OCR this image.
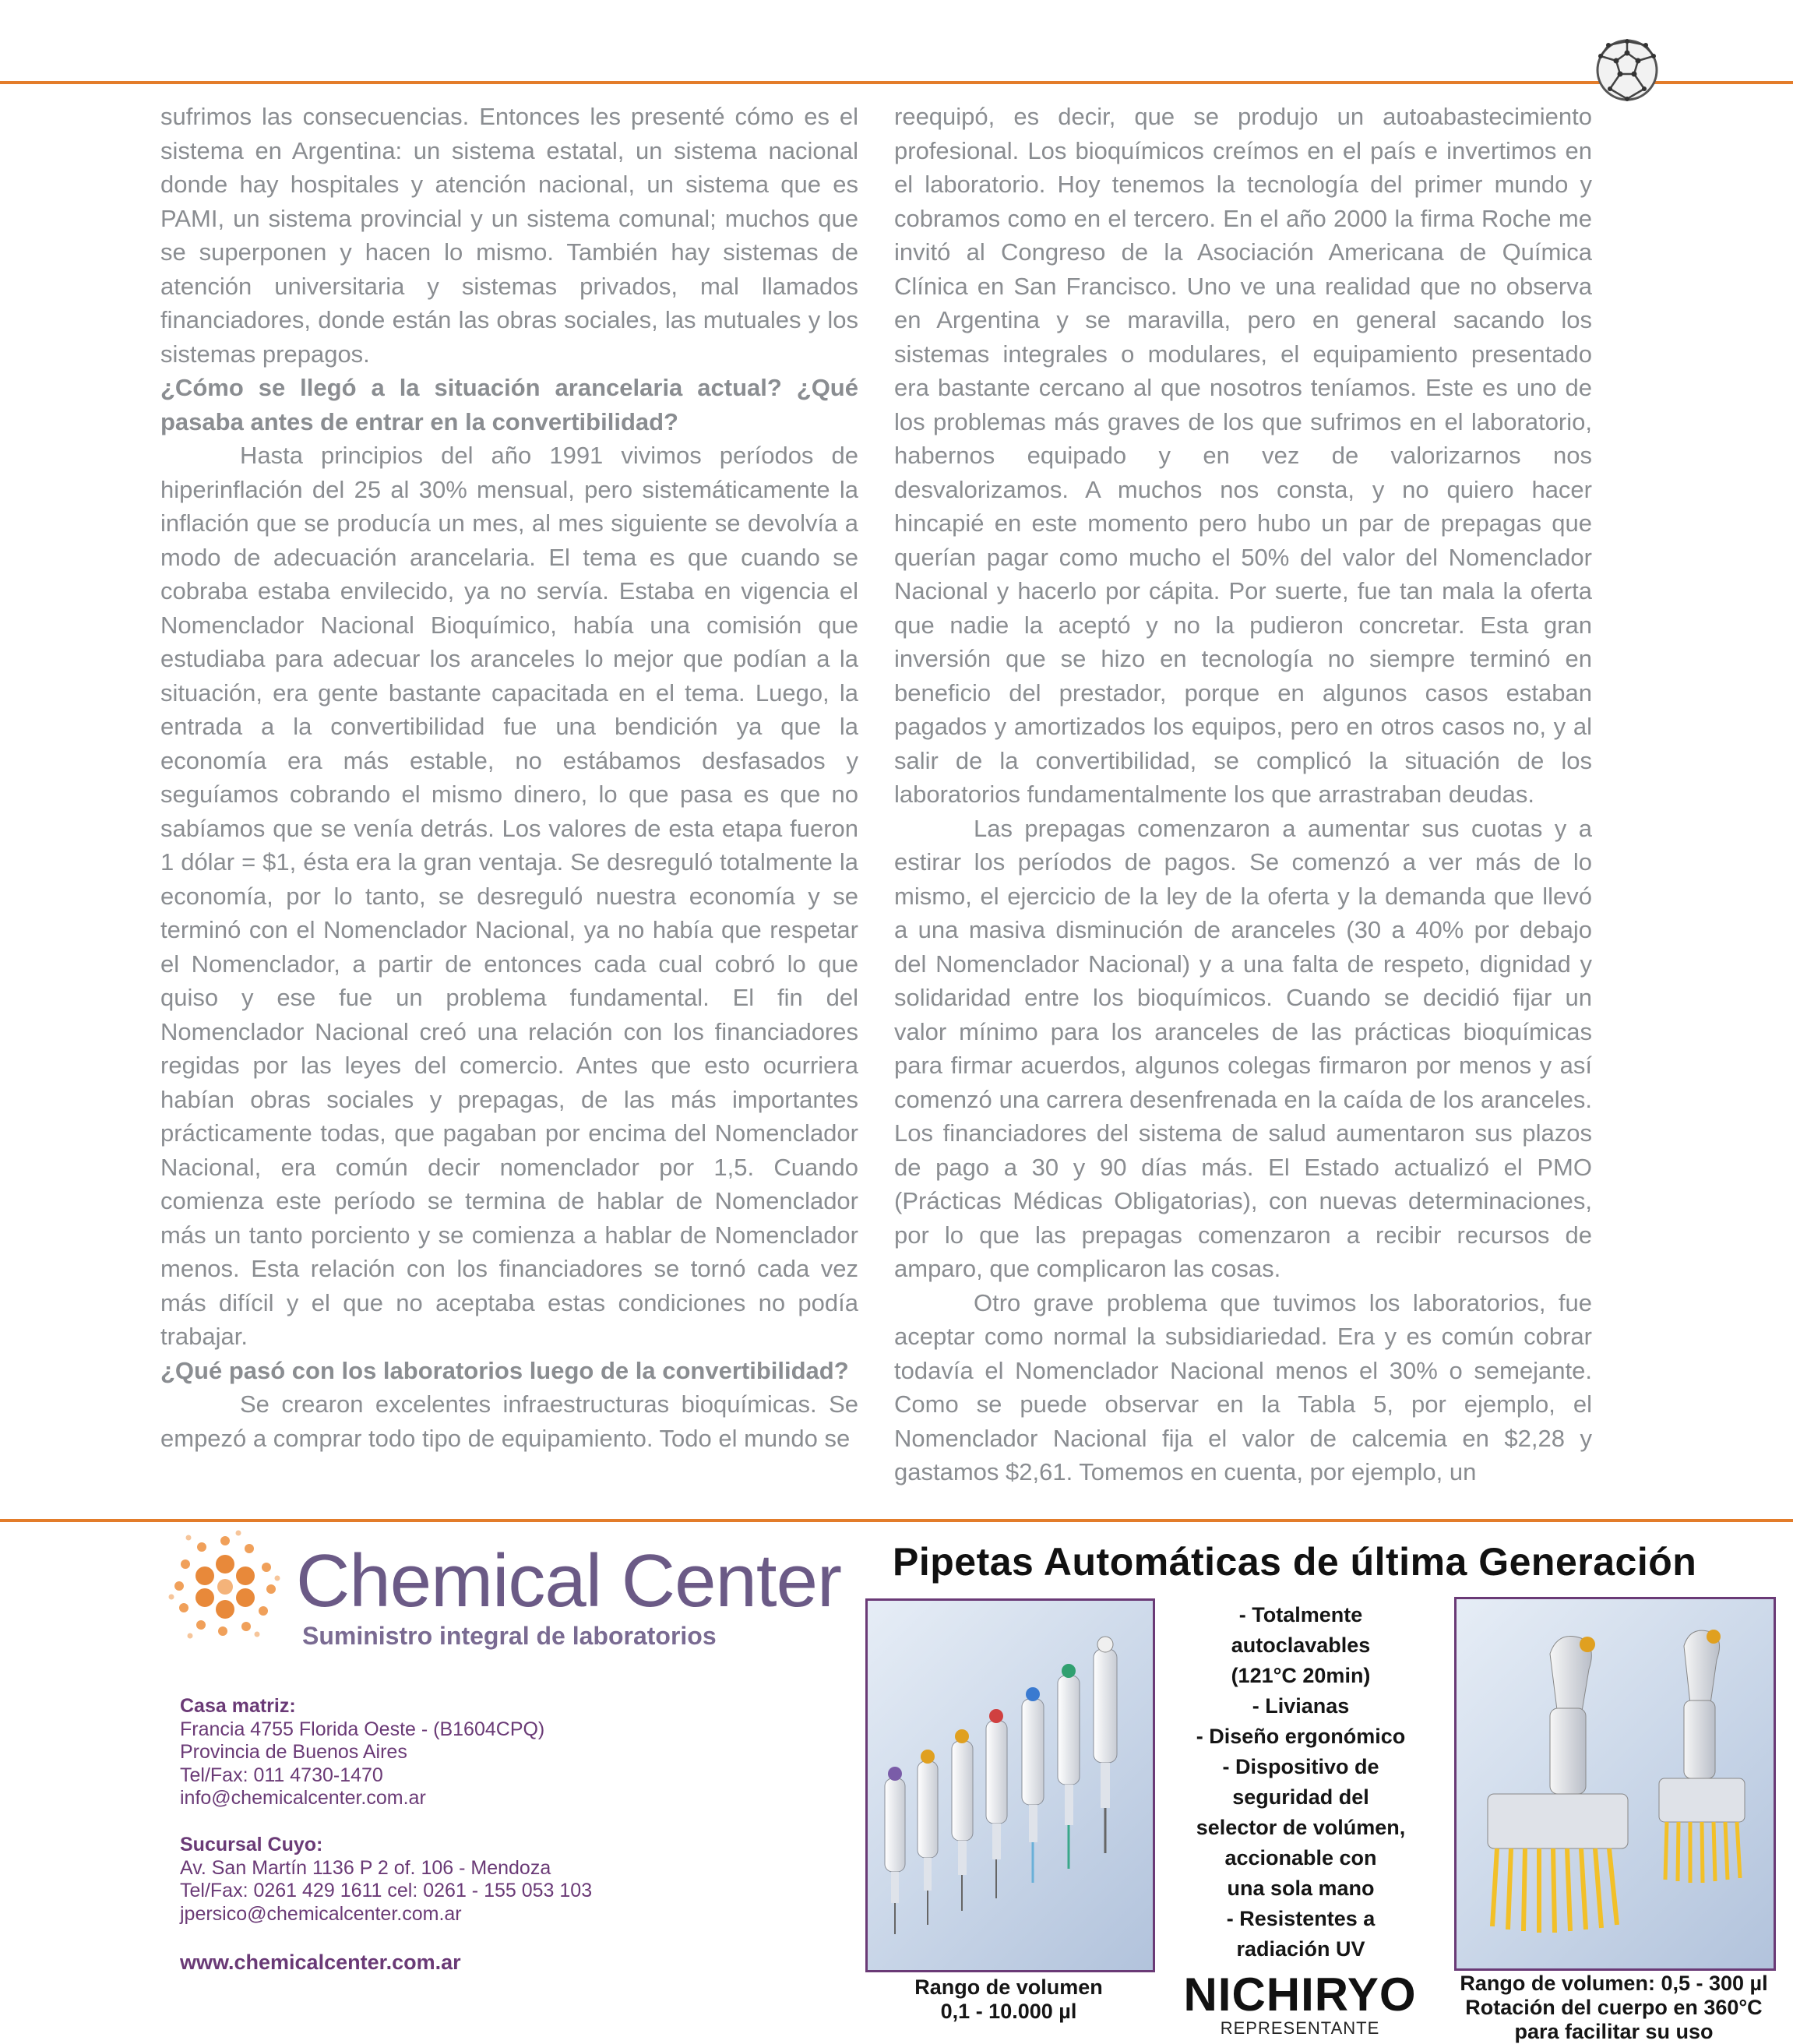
sufrimos las consecuencias. Entonces les presenté cómo es el sistema en Argentina: un sistema estatal, un sistema nacional donde hay hospitales y atención nacional, un sistema que es PAMI, un sistema provincial y un sistema comunal; muchos que se superponen y hacen lo mismo. También hay sistemas de atención universitaria y sistemas privados, mal llamados financiadores, donde están las obras sociales, las mutuales y los sistemas prepagos.

¿Cómo se llegó a la situación arancelaria actual? ¿Qué pasaba antes de entrar en la convertibilidad?

Hasta principios del año 1991 vivimos períodos de hiperinflación del 25 al 30% mensual, pero sistemáticamente la inflación que se producía un mes, al mes siguiente se devolvía a modo de adecuación arancelaria. El tema es que cuando se cobraba estaba envilecido, ya no servía. Estaba en vigencia el Nomenclador Nacional Bioquímico, había una comisión que estudiaba para adecuar los aranceles lo mejor que podían a la situación, era gente bastante capacitada en el tema. Luego, la entrada a la convertibilidad fue una bendición ya que la economía era más estable, no estábamos desfasados y seguíamos cobrando el mismo dinero, lo que pasa es que no sabíamos que se venía detrás. Los valores de esta etapa fueron 1 dólar = $1, ésta era la gran ventaja. Se desreguló totalmente la economía, por lo tanto, se desreguló nuestra economía y se terminó con el Nomenclador Nacional, ya no había que respetar el Nomenclador, a partir de entonces cada cual cobró lo que quiso y ese fue un problema fundamental. El fin del Nomenclador Nacional creó una relación con los financiadores regidas por las leyes del comercio. Antes que esto ocurriera habían obras sociales y prepagas, de las más importantes prácticamente todas, que pagaban por encima del Nomenclador Nacional, era común decir nomenclador por 1,5. Cuando comienza este período se termina de hablar de Nomenclador más un tanto porciento y se comienza a hablar de Nomenclador menos. Esta relación con los financiadores se tornó cada vez más difícil y el que no aceptaba estas condiciones no podía trabajar.

¿Qué pasó con los laboratorios luego de la convertibilidad?

Se crearon excelentes infraestructuras bioquímicas. Se empezó a comprar todo tipo de equipamiento. Todo el mundo se

reequipó, es decir, que se produjo un autoabastecimiento profesional. Los bioquímicos creímos en el país e invertimos en el laboratorio. Hoy tenemos la tecnología del primer mundo y cobramos como en el tercero. En el año 2000 la firma Roche me invitó al Congreso de la Asociación Americana de Química Clínica en San Francisco. Uno ve una realidad que no observa en Argentina y se maravilla, pero en general sacando los sistemas integrales o modulares, el equipamiento presentado era bastante cercano al que nosotros teníamos. Este es uno de los problemas más graves de los que sufrimos en el laboratorio, habernos equipado y en vez de valorizarnos nos desvalorizamos. A muchos nos consta, y no quiero hacer hincapié en este momento pero hubo un par de prepagas que querían pagar como mucho el 50% del valor del Nomenclador Nacional y hacerlo por cápita. Por suerte, fue tan mala la oferta que nadie la aceptó y no la pudieron concretar. Esta gran inversión que se hizo en tecnología no siempre terminó en beneficio del prestador, porque en algunos casos estaban pagados y amortizados los equipos, pero en otros casos no, y al salir de la convertibilidad, se complicó la situación de los laboratorios fundamentalmente los que arrastraban deudas.

Las prepagas comenzaron a aumentar sus cuotas y a estirar los períodos de pagos. Se comenzó a ver más de lo mismo, el ejercicio de la ley de la oferta y la demanda que llevó a una masiva disminución de aranceles (30 a 40% por debajo del Nomenclador Nacional) y a una falta de respeto, dignidad y solidaridad entre los bioquímicos. Cuando se decidió fijar un valor mínimo para los aranceles de las prácticas bioquímicas para firmar acuerdos, algunos colegas firmaron por menos y así comenzó una carrera desenfrenada en la caída de los aranceles. Los financiadores del sistema de salud aumentaron sus plazos de pago a 30 y 90 días más. El Estado actualizó el PMO (Prácticas Médicas Obligatorias), con nuevas determinaciones, por lo que las prepagas comenzaron a recibir recursos de amparo, que complicaron las cosas.

Otro grave problema que tuvimos los laboratorios, fue aceptar como normal la subsidiariedad. Era y es común cobrar todavía el Nomenclador Nacional menos el 30% o semejante. Como se puede observar en la Tabla 5, por ejemplo, el Nomenclador Nacional fija el valor de calcemia en $2,28 y gastamos $2,61. Tomemos en cuenta, por ejemplo, un

Chemical Center
Suministro integral de laboratorios
Casa matriz:
Francia 4755 Florida Oeste - (B1604CPQ)
Provincia de Buenos Aires
Tel/Fax: 011 4730-1470
info@chemicalcenter.com.ar
Sucursal Cuyo:
Av. San Martín 1136 P 2 of. 106 - Mendoza
Tel/Fax: 0261 429 1611 cel: 0261 - 155 053 103
jpersico@chemicalcenter.com.ar
www.chemicalcenter.com.ar
Pipetas Automáticas de última Generación
- Totalmente
autoclavables
(121°C 20min)
- Livianas
- Diseño ergonómico
- Dispositivo de
seguridad del
selector de volúmen,
accionable con
una sola mano
- Resistentes a
radiación UV
Rango de volumen
0,1 - 10.000 µl	NICHIRYO
REPRESENTANTE
Rango de volumen: 0,5 - 300 µl
Rotación del cuerpo en 360°C
para facilitar su uso
